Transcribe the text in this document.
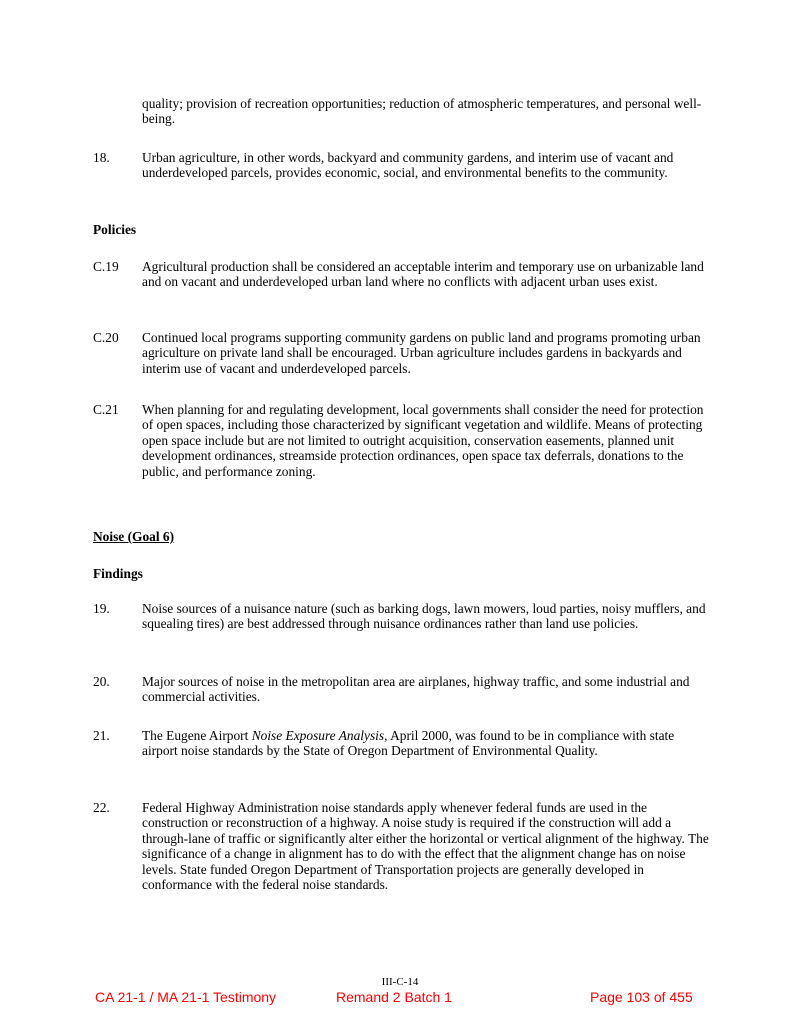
quality; provision of recreation opportunities; reduction of atmospheric temperatures, and personal well-being.
18. Urban agriculture, in other words, backyard and community gardens, and interim use of vacant and underdeveloped parcels, provides economic, social, and environmental benefits to the community.
Policies
C.19 Agricultural production shall be considered an acceptable interim and temporary use on urbanizable land and on vacant and underdeveloped urban land where no conflicts with adjacent urban uses exist.
C.20 Continued local programs supporting community gardens on public land and programs promoting urban agriculture on private land shall be encouraged. Urban agriculture includes gardens in backyards and interim use of vacant and underdeveloped parcels.
C.21 When planning for and regulating development, local governments shall consider the need for protection of open spaces, including those characterized by significant vegetation and wildlife. Means of protecting open space include but are not limited to outright acquisition, conservation easements, planned unit development ordinances, streamside protection ordinances, open space tax deferrals, donations to the public, and performance zoning.
Noise (Goal 6)
Findings
19. Noise sources of a nuisance nature (such as barking dogs, lawn mowers, loud parties, noisy mufflers, and squealing tires) are best addressed through nuisance ordinances rather than land use policies.
20. Major sources of noise in the metropolitan area are airplanes, highway traffic, and some industrial and commercial activities.
21. The Eugene Airport Noise Exposure Analysis, April 2000, was found to be in compliance with state airport noise standards by the State of Oregon Department of Environmental Quality.
22. Federal Highway Administration noise standards apply whenever federal funds are used in the construction or reconstruction of a highway. A noise study is required if the construction will add a through-lane of traffic or significantly alter either the horizontal or vertical alignment of the highway. The significance of a change in alignment has to do with the effect that the alignment change has on noise levels. State funded Oregon Department of Transportation projects are generally developed in conformance with the federal noise standards.
III-C-14
CA 21-1 / MA 21-1 Testimony	Remand 2 Batch 1	Page 103 of 455
